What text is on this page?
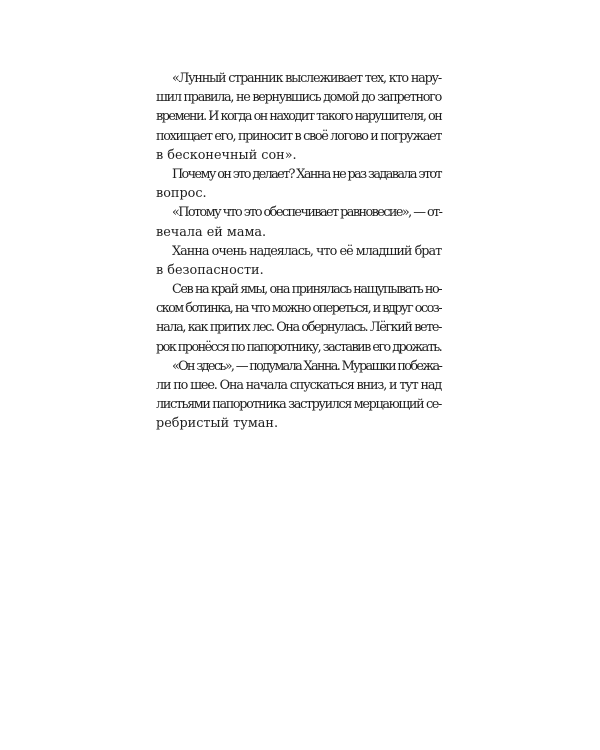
«Лунный странник выслеживает тех, кто нару-
шил правила, не вернувшись домой до запретного
времени. И когда он находит такого нарушителя, он
похищает его, приносит в своё логово и погружает
в бесконечный сон».
Почему он это делает? Ханна не раз задавала этот
вопрос.
«Потому что это обеспечивает равновесие», — от-
вечала ей мама.
Ханна очень надеялась, что её младший брат
в безопасности.
Сев на край ямы, она принялась нащупывать но-
ском ботинка, на что можно опереться, и вдруг осоз-
нала, как притих лес. Она обернулась. Лёгкий вете-
рок пронёсся по папоротнику, заставив его дрожать.
«Он здесь», — подумала Ханна. Мурашки побежа-
ли по шее. Она начала спускаться вниз, и тут над
листьями папоротника заструился мерцающий се-
ребристый туман.
